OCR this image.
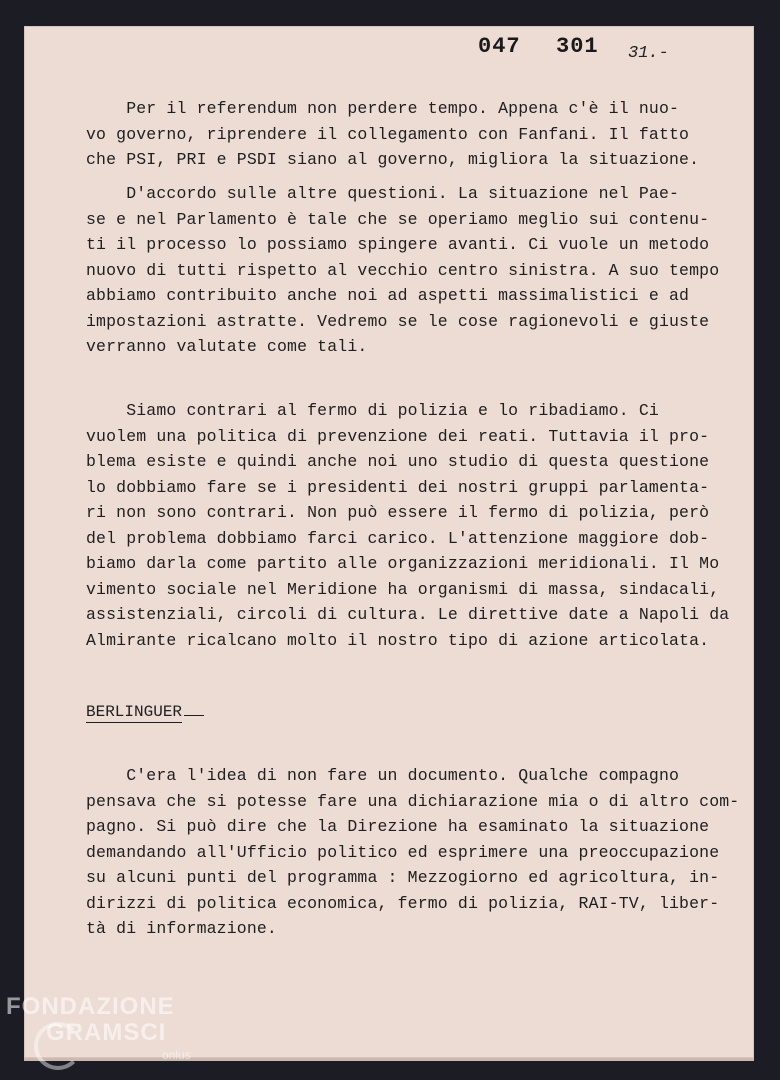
047 301 31.-
Per il referendum non perdere tempo. Appena c'è il nuo-
vo governo, riprendere il collegamento con Fanfani. Il fatto
che PSI, PRI e PSDI siano al governo, migliora la situazione.
D'accordo sulle altre questioni. La situazione nel Pae-
se e nel Parlamento è tale che se operiamo meglio sui contenu-
ti il processo lo possiamo spingere avanti. Ci vuole un metodo
nuovo di tutti rispetto al vecchio centro sinistra. A suo tempo
abbiamo contribuito anche noi ad aspetti massimalistici e ad
impostazioni astratte. Vedremo se le cose ragionevoli e giuste
verranno valutate come tali.
Siamo contrari al fermo di polizia e lo ribadiamo. Ci
vuolem una politica di prevenzione dei reati. Tuttavia il pro-
blema esiste e quindi anche noi uno studio di questa questione
lo dobbiamo fare se i presidenti dei nostri gruppi parlamenta-
ri non sono contrari. Non può essere il fermo di polizia, però
del problema dobbiamo farci carico. L'attenzione maggiore dob-
biamo darla come partito alle organizzazioni meridionali. Il
vimento sociale nel Meridione ha organismi di massa, sindacali,
assistenziali, circoli di cultura. Le direttive date a Napoli
Almirante ricalcano molto il nostro tipo di azione articolata.
BERLINGUER
C'era l'idea di non fare un documento. Qualche compagno
pensava che si potesse fare una dichiarazione mia o di altro
pagno. Si può dire che la Direzione ha esaminato la situazione
demandando all'Ufficio politico ed esprimere una preoccupazione
su alcuni punti del programma : Mezzogiorno ed agricoltura, in-
dirizzi di politica economica, fermo di polizia, RAI-TV, liber-
tà di informazione.
FONDAZIONE
GRAMSCI
onlus
